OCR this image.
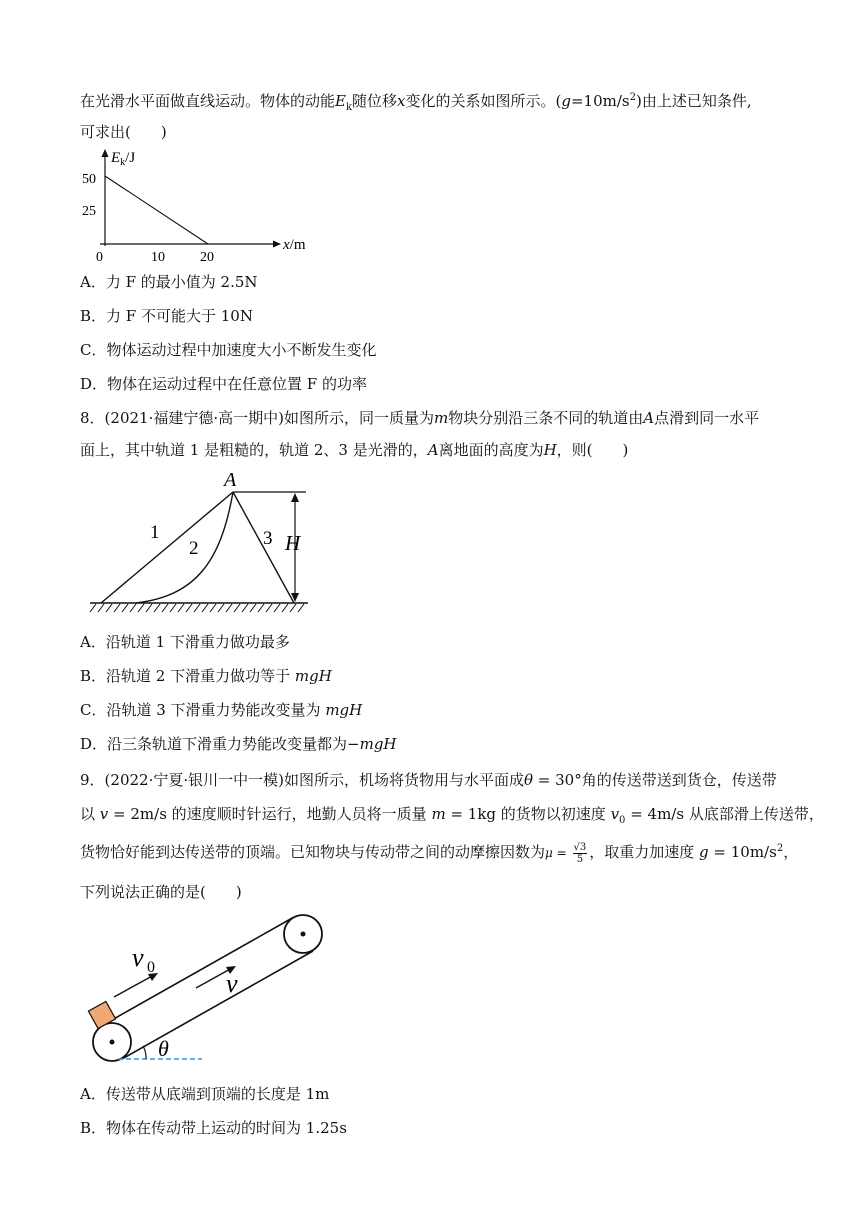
在光滑水平面做直线运动。物体的动能$E_k$随位移x变化的关系如图所示。$(g=10m/s^2)$由上述已知条件,
可求出(　　)
$E_k/J$
x/m
50
25
0	10	20
A．力 F 的最小值为 2.5N
B．力 F 不可能大于 10N
C．物体运动过程中加速度大小不断发生变化
D．物体在运动过程中在任意位置 F 的功率
8．(2021·福建宁德·高一期中)如图所示，同一质量为m物块分别沿三条不同的轨道由A点滑到同一水平
面上，其中轨道 1 是粗糙的，轨道 2、3 是光滑的，A离地面的高度为H，则(　　)
A
1
2	3 H
A．沿轨道 1 下滑重力做功最多
B．沿轨道 2 下滑重力做功等于 mgH
C．沿轨道 3 下滑重力势能改变量为 mgH
D．沿三条轨道下滑重力势能改变量都为−mgH
9．(2022·宁夏·银川一中一模)如图所示，机场将货物用与水平面成θ = 30°角的传送带送到货仓，传送带
以 v = 2m/s 的速度顺时针运行，地勤人员将一质量 m = 1kg 的货物以初速度 $v_0 = 4m/s$ 从底部滑上传送带，
货物恰好能到达传送带的顶端。已知物块与传动带之间的动摩擦因数为$\mu = \frac{√3}{5}$ ，取重力加速度 $g = 10m/s^2$，
下列说法正确的是(　　)
v 0
v
θ
A．传送带从底端到顶端的长度是 1m
B．物体在传动带上运动的时间为 1.25s
